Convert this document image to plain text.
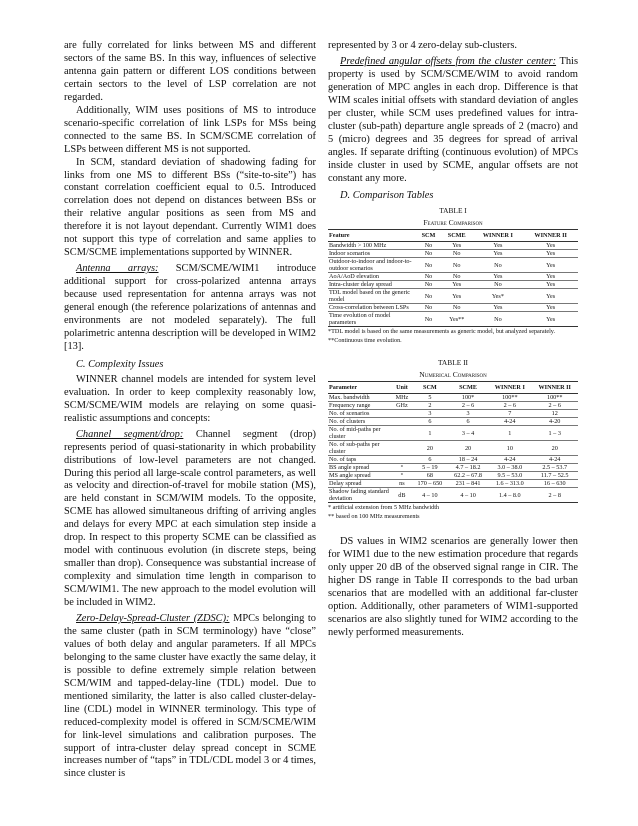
are fully correlated for links between MS and different sectors of the same BS. In this way, influences of selective antenna gain pattern or different LOS conditions between certain sectors to the level of LSP correlation are not regarded.

Additionally, WIM uses positions of MS to introduce scenario-specific correlation of link LSPs for MSs being connected to the same BS. In SCM/SCME correlation of LSPs between different MS is not supported.

In SCM, standard deviation of shadowing fading for links from one MS to different BSs (“site-to-site”) has constant correlation coefficient equal to 0.5. Introduced correlation does not depend on distances between BSs or their relative angular positions as seen from MS and therefore it is not layout dependant. Currently WIM1 does not support this type of correlation and same applies to SCM/SCME implementations supported by WINNER.

Antenna arrays: SCM/SCME/WIM1 introduce additional support for cross-polarized antenna arrays because used representation for antenna arrays was not general enough (the reference polarizations of antennas and environments are not modeled separately). The full polarimetric antenna description will be developed in WIM2 [13].

C. Complexity Issues

WINNER channel models are intended for system level evaluation. In order to keep complexity reasonably low, SCM/SCME/WIM models are relaying on some quasi-realistic assumptions and concepts:

Channel segment/drop: Channel segment (drop) represents period of quasi-stationarity in which probability distributions of low-level parameters are not changed. During this period all large-scale control parameters, as well as velocity and direction-of-travel for mobile station (MS), are held constant in SCM/WIM models. To the opposite, SCME has allowed simultaneous drifting of arriving angles and delays for every MPC at each simulation step inside a drop. In respect to this property SCME can be classified as model with continuous evolution (in discrete steps, being smaller than drop). Consequence was substantial increase of complexity and simulation time length in comparison to SCM/WIM1. The new approach to the model evolution will be included in WIM2.

Zero-Delay-Spread-Cluster (ZDSC): MPCs belonging to the same cluster (path in SCM terminology) have “close” values of both delay and angular parameters. If all MPCs belonging to the same cluster have exactly the same delay, it is possible to define extremely simple relation between SCM/WIM and tapped-delay-line (TDL) model. Due to mentioned similarity, the latter is also called cluster-delay-line (CDL) model in WINNER terminology. This type of reduced-complexity model is offered in SCM/SCME/WIM for link-level simulations and calibration purposes. The support of intra-cluster delay spread concept in SCME increases number of “taps” in TDL/CDL model 3 or 4 times, since cluster is

represented by 3 or 4 zero-delay sub-clusters.

Predefined angular offsets from the cluster center: This property is used by SCM/SCME/WIM to avoid random generation of MPC angles in each drop. Difference is that WIM scales initial offsets with standard deviation of angles per cluster, while SCM uses predefined values for intra-cluster (sub-path) departure angle spreads of 2 (macro) and 5 (micro) degrees and 35 degrees for spread of arrival angles. If separate drifting (continuous evolution) of MPCs inside cluster in used by SCME, angular offsets are not constant any more.

D. Comparison Tables
TABLE I
Feature Comparison
Feature	SCM	SCME	WINNER I	WINNER II
Bandwidth > 100 MHz	No	Yes	Yes	Yes
Indoor scenarios	No	No	Yes	Yes
Outdoor-to-indoor and indoor-to-outdoor scenarios	No	No	No	Yes
AoA/AoD elevation	No	No	Yes	Yes
Intra-cluster delay spread	No	Yes	No	Yes
TDL model based on the generic model	No	Yes	Yes*	Yes
Cross-correlation between LSPs	No	No	Yes	Yes
Time evolution of model parameters	No	Yes**	No	Yes
*TDL model is based on the same measurements as generic model, but analyzed separately.
**Continuous time evolution.
TABLE II
Numerical Comparison
Parameter	Unit	SCM	SCME	WINNER I	WINNER II
Max. bandwidth	MHz	5	100*	100**	100**
Frequency range	GHz	2	2 – 6	2 – 6	2 – 6
No. of scenarios		3	3	7	12
No. of clusters		6	6	4-24	4-20
No. of mid-paths per cluster		1	3 – 4	1	1 – 3
No. of sub-paths per cluster		20	20	10	20
No. of taps		6	18 – 24	4-24	4-24
BS angle spread	°	5 – 19	4.7 – 18.2	3.0 – 38.0	2.5 – 53.7
MS angle spread	°	68	62.2 – 67.8	9.5 – 53.0	11.7 – 52.5
Delay spread	ns	170 – 650	231 – 841	1.6 – 313.0	16 – 630
Shadow fading standard deviation	dB	4 – 10	4 – 10	1.4 – 8.0	2 – 8
* artificial extension from 5 MHz bandwidth
** based on 100 MHz measurements

DS values in WIM2 scenarios are generally lower then for WIM1 due to the new estimation procedure that regards only upper 20 dB of the observed signal range in CIR. The higher DS range in Table II corresponds to the bad urban scenarios that are modelled with an additional far-cluster option. Additionally, other parameters of WIM1-supported scenarios are also slightly tuned for WIM2 according to the newly performed measurements.
